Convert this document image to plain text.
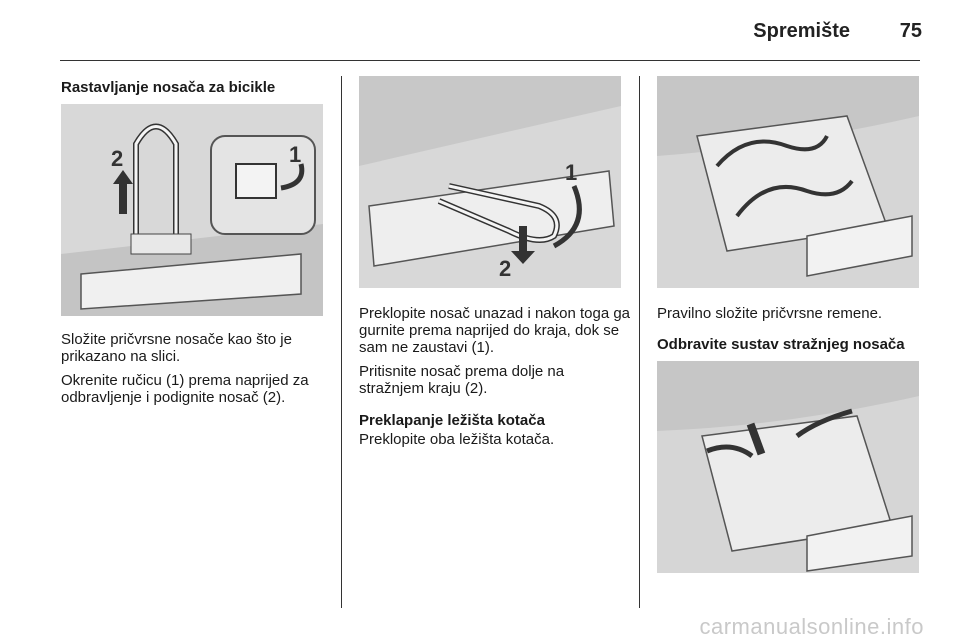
Spremište	75
Rastavljanje nosača za bicikle
2	1

Složite pričvrsne nosače kao što je prikazano na slici.

Okrenite ručicu (1) prema naprijed za odbravljenje i podignite nosač (2).

1
2

Preklopite nosač unazad i nakon toga ga gurnite prema naprijed do kraja, dok se sam ne zaustavi (1).

Pritisnite nosač prema dolje na stražnjem kraju (2).

Preklapanje ležišta kotača
Preklopite oba ležišta kotača.
Pravilno složite pričvrsne remene.
Odbravite sustav stražnjeg nosača
carmanualsonline.info
